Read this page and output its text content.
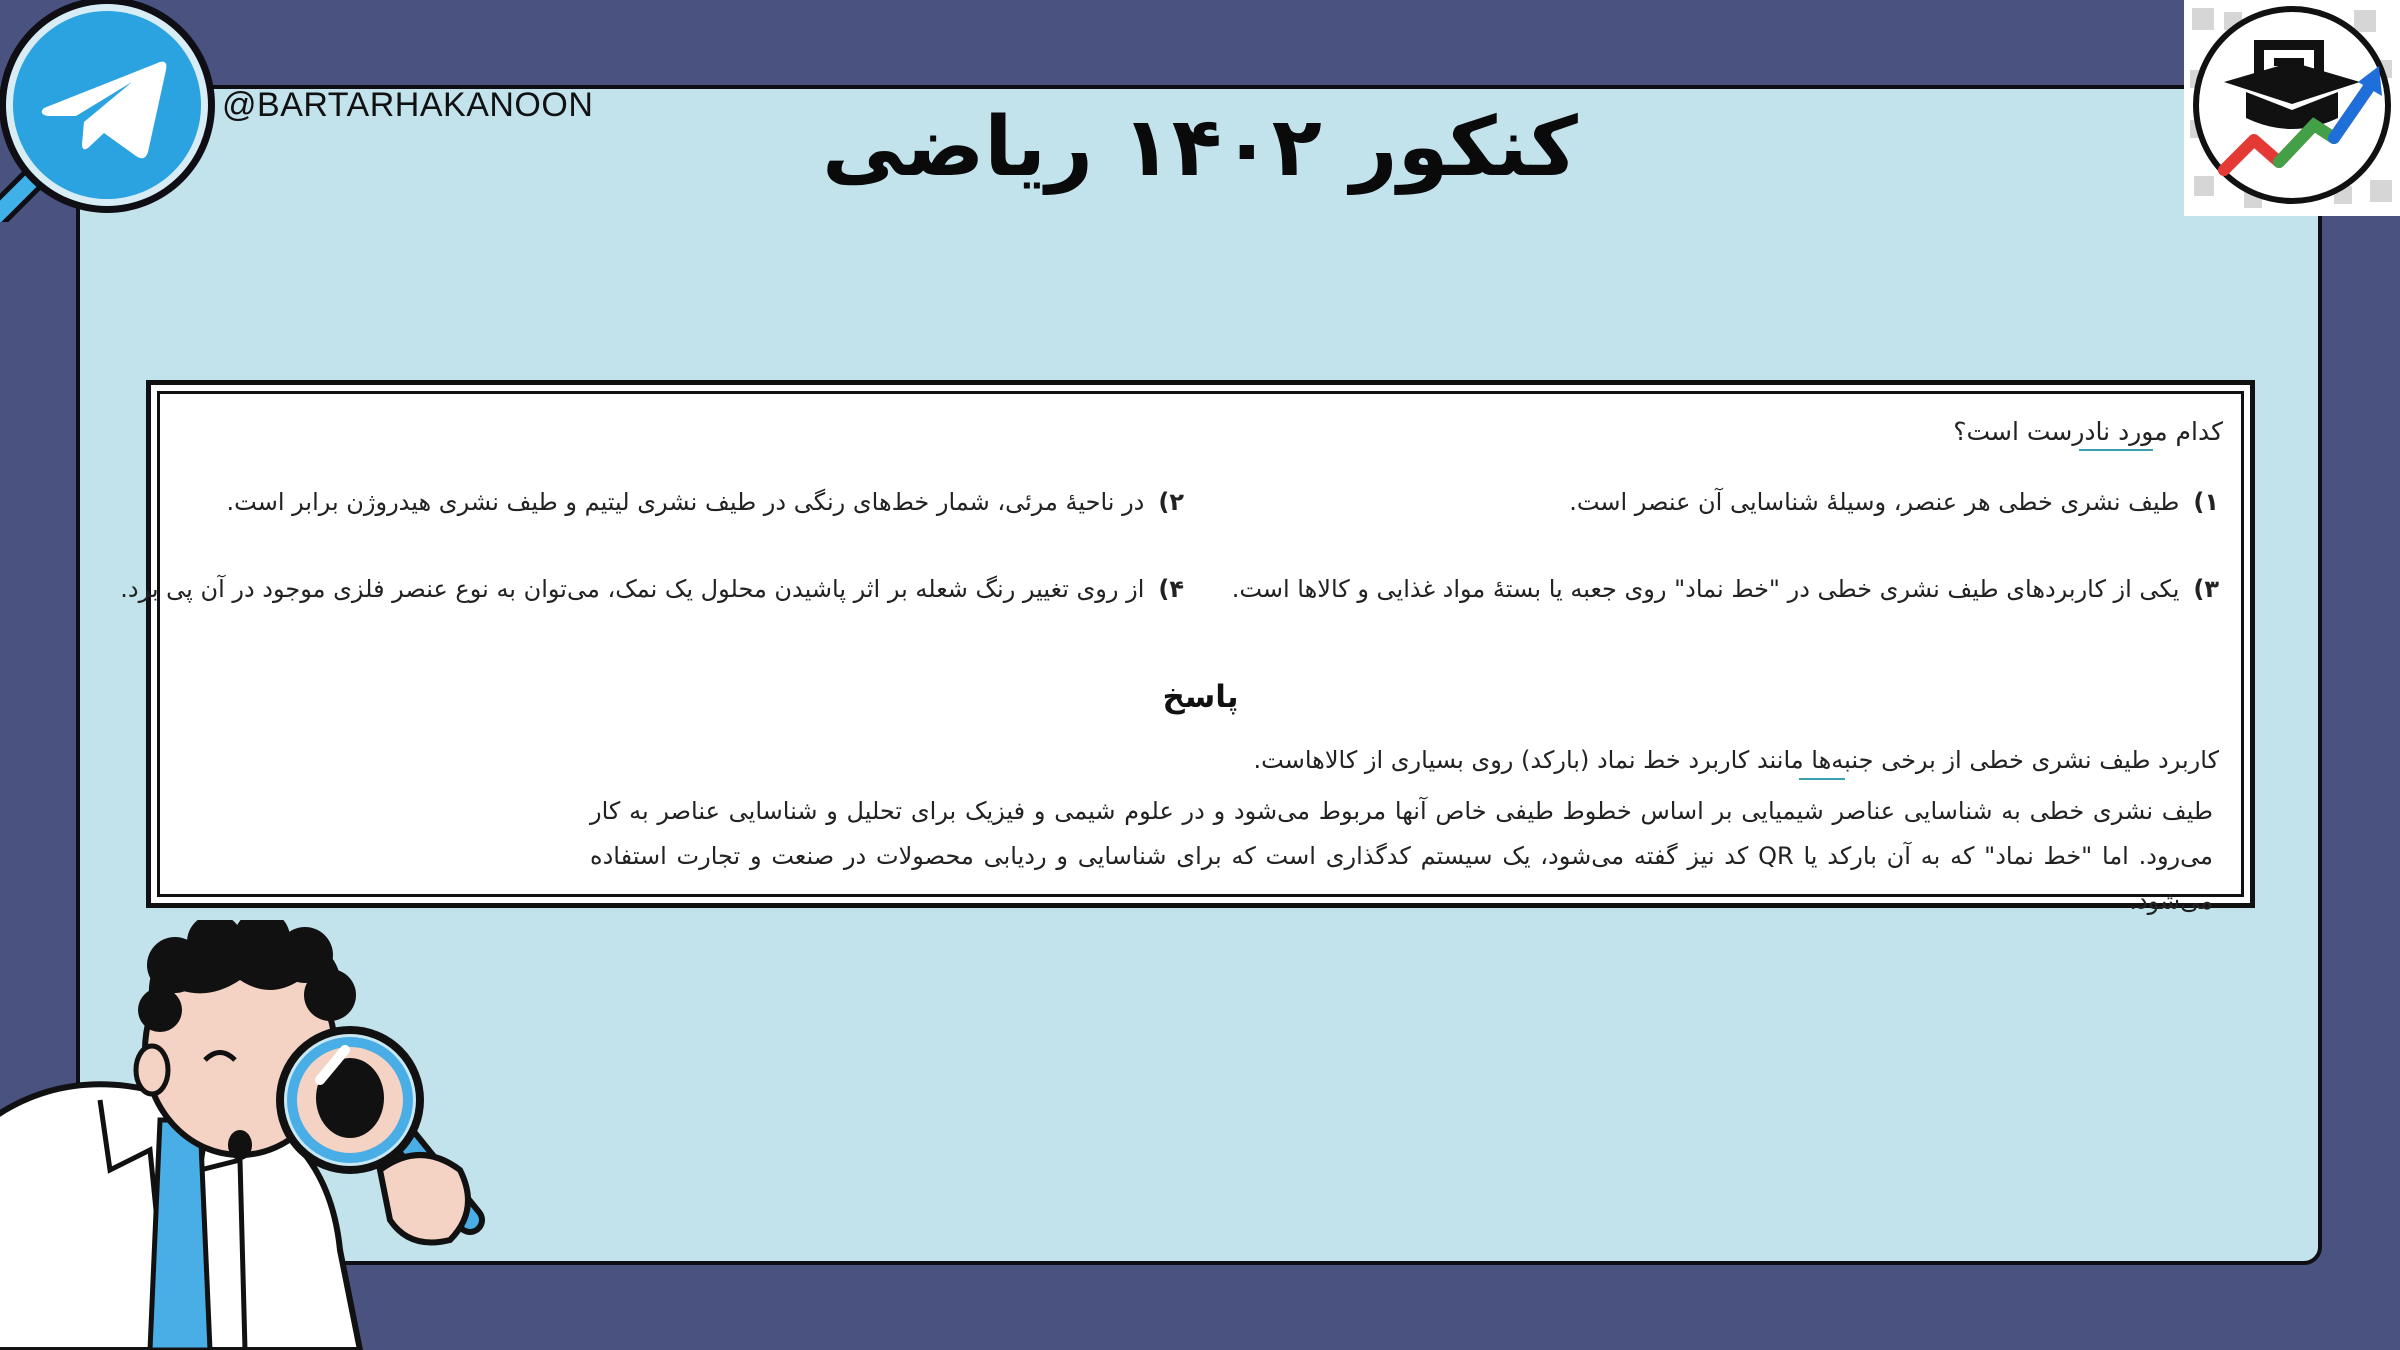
@BARTARHAKANOON	کنکور ۱۴۰۲ ریاضی
کدام مورد نادرست است؟
۱)طیف نشری خطی هر عنصر، وسیلهٔ شناسایی آن عنصر است.
۲)در ناحیهٔ مرئی، شمار خط‌های رنگی در طیف نشری لیتیم و طیف نشری هیدروژن برابر است.
۳)یکی از کاربردهای طیف نشری خطی در "خط نماد" روی جعبه یا بستهٔ مواد غذایی و کالاها است.
۴)از روی تغییر رنگ شعله بر اثر پاشیدن محلول یک نمک، می‌توان به نوع عنصر فلزی موجود در آن پی برد.
پاسخ
کاربرد طیف نشری خطی از برخی جنبه‌ها مانند کاربرد خط نماد (بارکد) روی بسیاری از کالاهاست.
طیف نشری خطی به شناسایی عناصر شیمیایی بر اساس خطوط طیفی خاص آنها مربوط می‌شود و در علوم شیمی و فیزیک برای تحلیل و شناسایی عناصر به کار می‌رود. اما "خط نماد" که به آن بارکد یا QR کد نیز گفته می‌شود، یک سیستم کدگذاری است که برای شناسایی و ردیابی محصولات در صنعت و تجارت استفاده می‌شود.
